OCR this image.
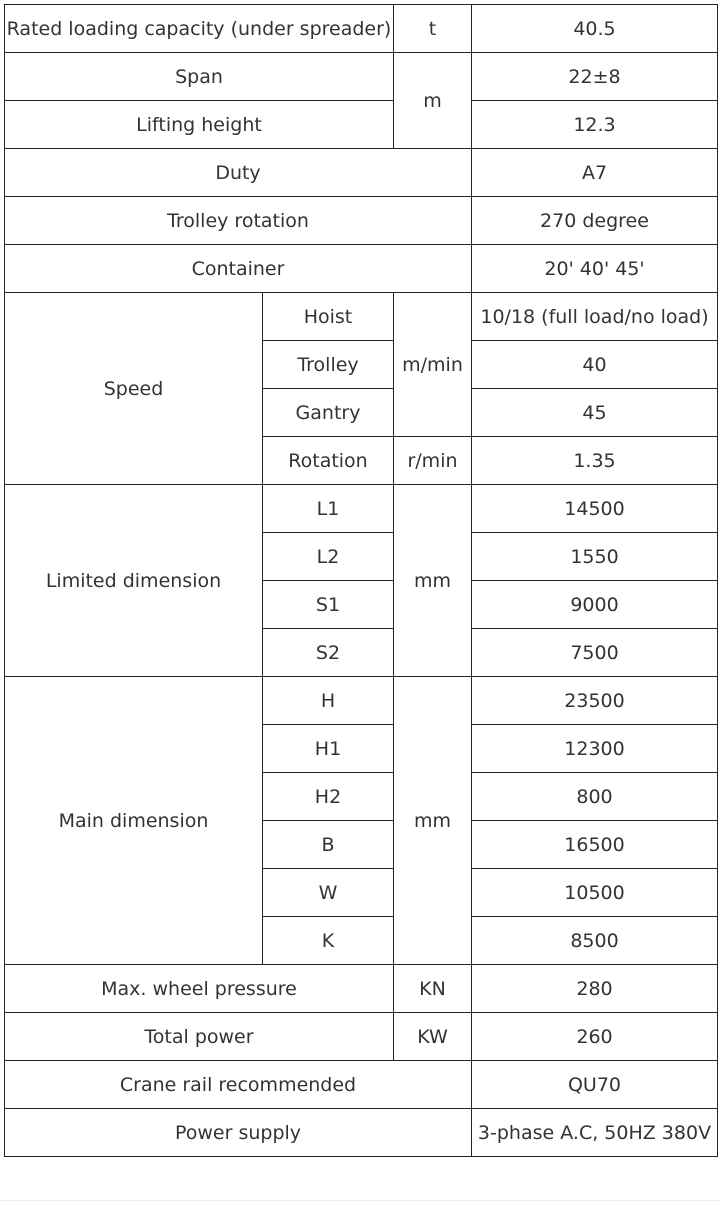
Rated loading capacity (under spreader)		t	40.5
Span		m	22±8
Lifting height			12.3
Duty			A7
Trolley rotation			270 degree
Container			20' 40' 45'
Speed	Hoist	m/min	10/18 (full load/no load)
	Trolley		40
	Gantry		45
	Rotation	r/min	1.35
Limited dimension	L1	mm	14500
	L2		1550
	S1		9000
	S2		7500
Main dimension	H	mm	23500
	H1		12300
	H2		800
	B		16500
	W		10500
	K		8500
Max. wheel pressure		KN	280
Total power		KW	260
Crane rail recommended			QU70
Power supply			3-phase A.C, 50HZ 380V
